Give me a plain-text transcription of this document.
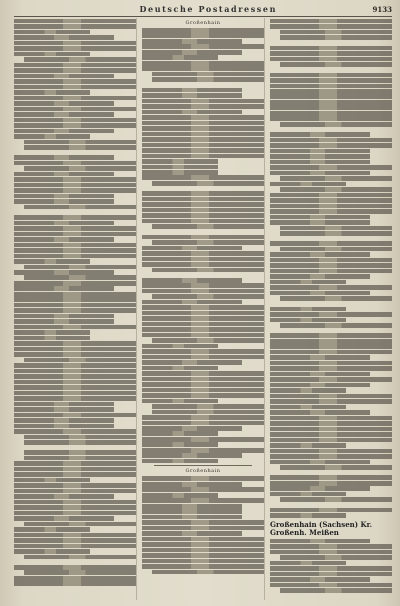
Deutsche Postadressen	9133
Großenhain
Großenhain
Großenhain (Sachsen) Kr. Großenh. Meißen
